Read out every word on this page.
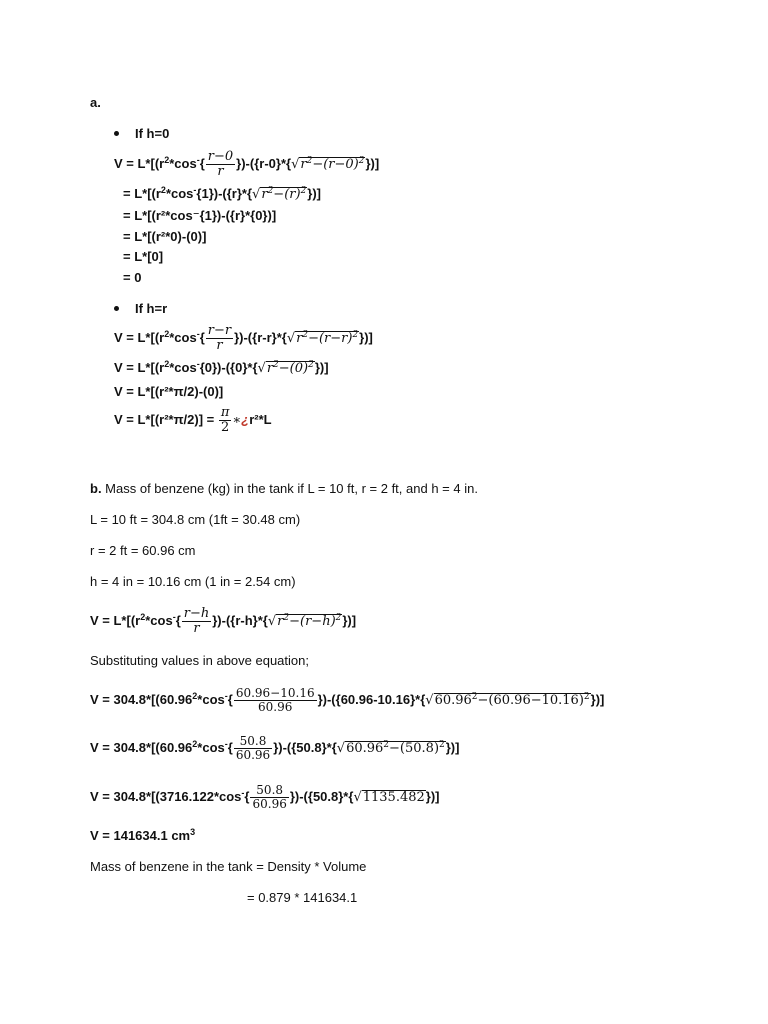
a.
If h=0
$V = L*[(r^2*\cos^-\{ \frac{r-0}{r} \})-(\{r-0\}*\{√r^2-(r-0)^2\})]$
= $L*[(r^2*\cos^-\{1\})-(\{r\}*\{√r^2-(r)^2\})]$
= L*[(r²*cos⁻{1})-({r}*{0})]
= L*[(r²*0)-(0)]
= L*[0]
= 0
If h=r
$V = L*[(r^2*\cos^-\{ \frac{r-r}{r} \})-(\{r-r\}*\{√r^2-(r-r)^2\})]$
$V = L*[(r^2*\cos^-\{0\})-(\{0\}*\{√r^2-(0)^2\})]$
V = L*[(r²*π/2)-(0)]
$V = L*[(r^2*\pi/2)] = \frac{\pi}{2}$ ∗¿r²*L
b. Mass of benzene (kg) in the tank if L = 10 ft, r = 2 ft, and h = 4 in.
L = 10 ft = 304.8 cm (1ft = 30.48 cm)
r = 2 ft = 60.96 cm
h = 4 in = 10.16 cm (1 in = 2.54 cm)
$V = L*[(r^2*\cos^-\{ \frac{r-h}{r} \})-(\{r-h\}*\{√r^2-(r-h)^2\})]$
Substituting values in above equation;
$V = 304.8*[(60.96^2*\cos^-\{ \frac{60.96-10.16}{60.96} \})-(\{60.96-10.16\}*\{√60.96^2-(60.96-10.16)^2\})]$
$V = 304.8*[(60.96^2*\cos^-\{ \frac{50.8}{60.96} \})-(\{50.8\}*\{√60.96^2-(50.8)^2\})]$
$V = 304.8*[(3716.122*\cos^-\{ \frac{50.8}{60.96} \})-(\{50.8\}*\{√1135.482\})]$
V = 141634.1 $cm^3$
Mass of benzene in the tank = Density * Volume
= 0.879 * 141634.1
